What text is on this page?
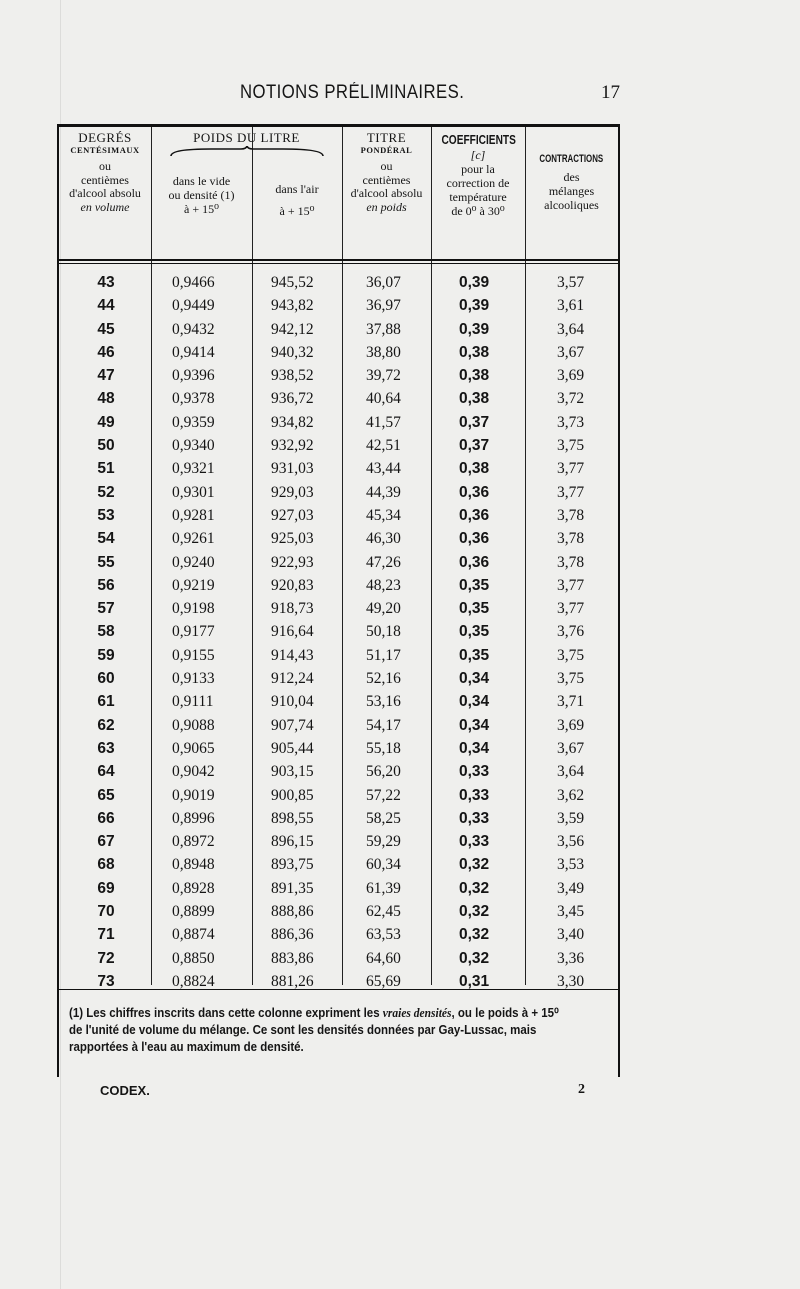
NOTIONS PRÉLIMINAIRES.	17
DEGRÉS
CENTÉSIMAUX
ou
centièmes
d'alcool absolu
en volume
POIDS DU LITRE
dans le vide
ou densité (1)
à + 15⁰
dans l'air
à + 15⁰
TITRE
PONDÉRAL
ou
centièmes
d'alcool absolu
en poids
COEFFICIENTS
[c]
pour la
correction de
température
de 0⁰ à 30⁰
CONTRACTIONS
des
mélanges
alcooliques
43	0,9466	945,52	36,07	0,39	3,57
44	0,9449	943,82	36,97	0,39	3,61
45	0,9432	942,12	37,88	0,39	3,64
46	0,9414	940,32	38,80	0,38	3,67
47	0,9396	938,52	39,72	0,38	3,69
48	0,9378	936,72	40,64	0,38	3,72
49	0,9359	934,82	41,57	0,37	3,73
50	0,9340	932,92	42,51	0,37	3,75
51	0,9321	931,03	43,44	0,38	3,77
52	0,9301	929,03	44,39	0,36	3,77
53	0,9281	927,03	45,34	0,36	3,78
54	0,9261	925,03	46,30	0,36	3,78
55	0,9240	922,93	47,26	0,36	3,78
56	0,9219	920,83	48,23	0,35	3,77
57	0,9198	918,73	49,20	0,35	3,77
58	0,9177	916,64	50,18	0,35	3,76
59	0,9155	914,43	51,17	0,35	3,75
60	0,9133	912,24	52,16	0,34	3,75
61	0,9111	910,04	53,16	0,34	3,71
62	0,9088	907,74	54,17	0,34	3,69
63	0,9065	905,44	55,18	0,34	3,67
64	0,9042	903,15	56,20	0,33	3,64
65	0,9019	900,85	57,22	0,33	3,62
66	0,8996	898,55	58,25	0,33	3,59
67	0,8972	896,15	59,29	0,33	3,56
68	0,8948	893,75	60,34	0,32	3,53
69	0,8928	891,35	61,39	0,32	3,49
70	0,8899	888,86	62,45	0,32	3,45
71	0,8874	886,36	63,53	0,32	3,40
72	0,8850	883,86	64,60	0,32	3,36
73	0,8824	881,26	65,69	0,31	3,30
(1) Les chiffres inscrits dans cette colonne expriment les vraies densités, ou le poids à + 15⁰ de l'unité de volume du mélange. Ce sont les densités données par Gay-Lussac, mais rapportées à l'eau au maximum de densité.
CODEX.	2
